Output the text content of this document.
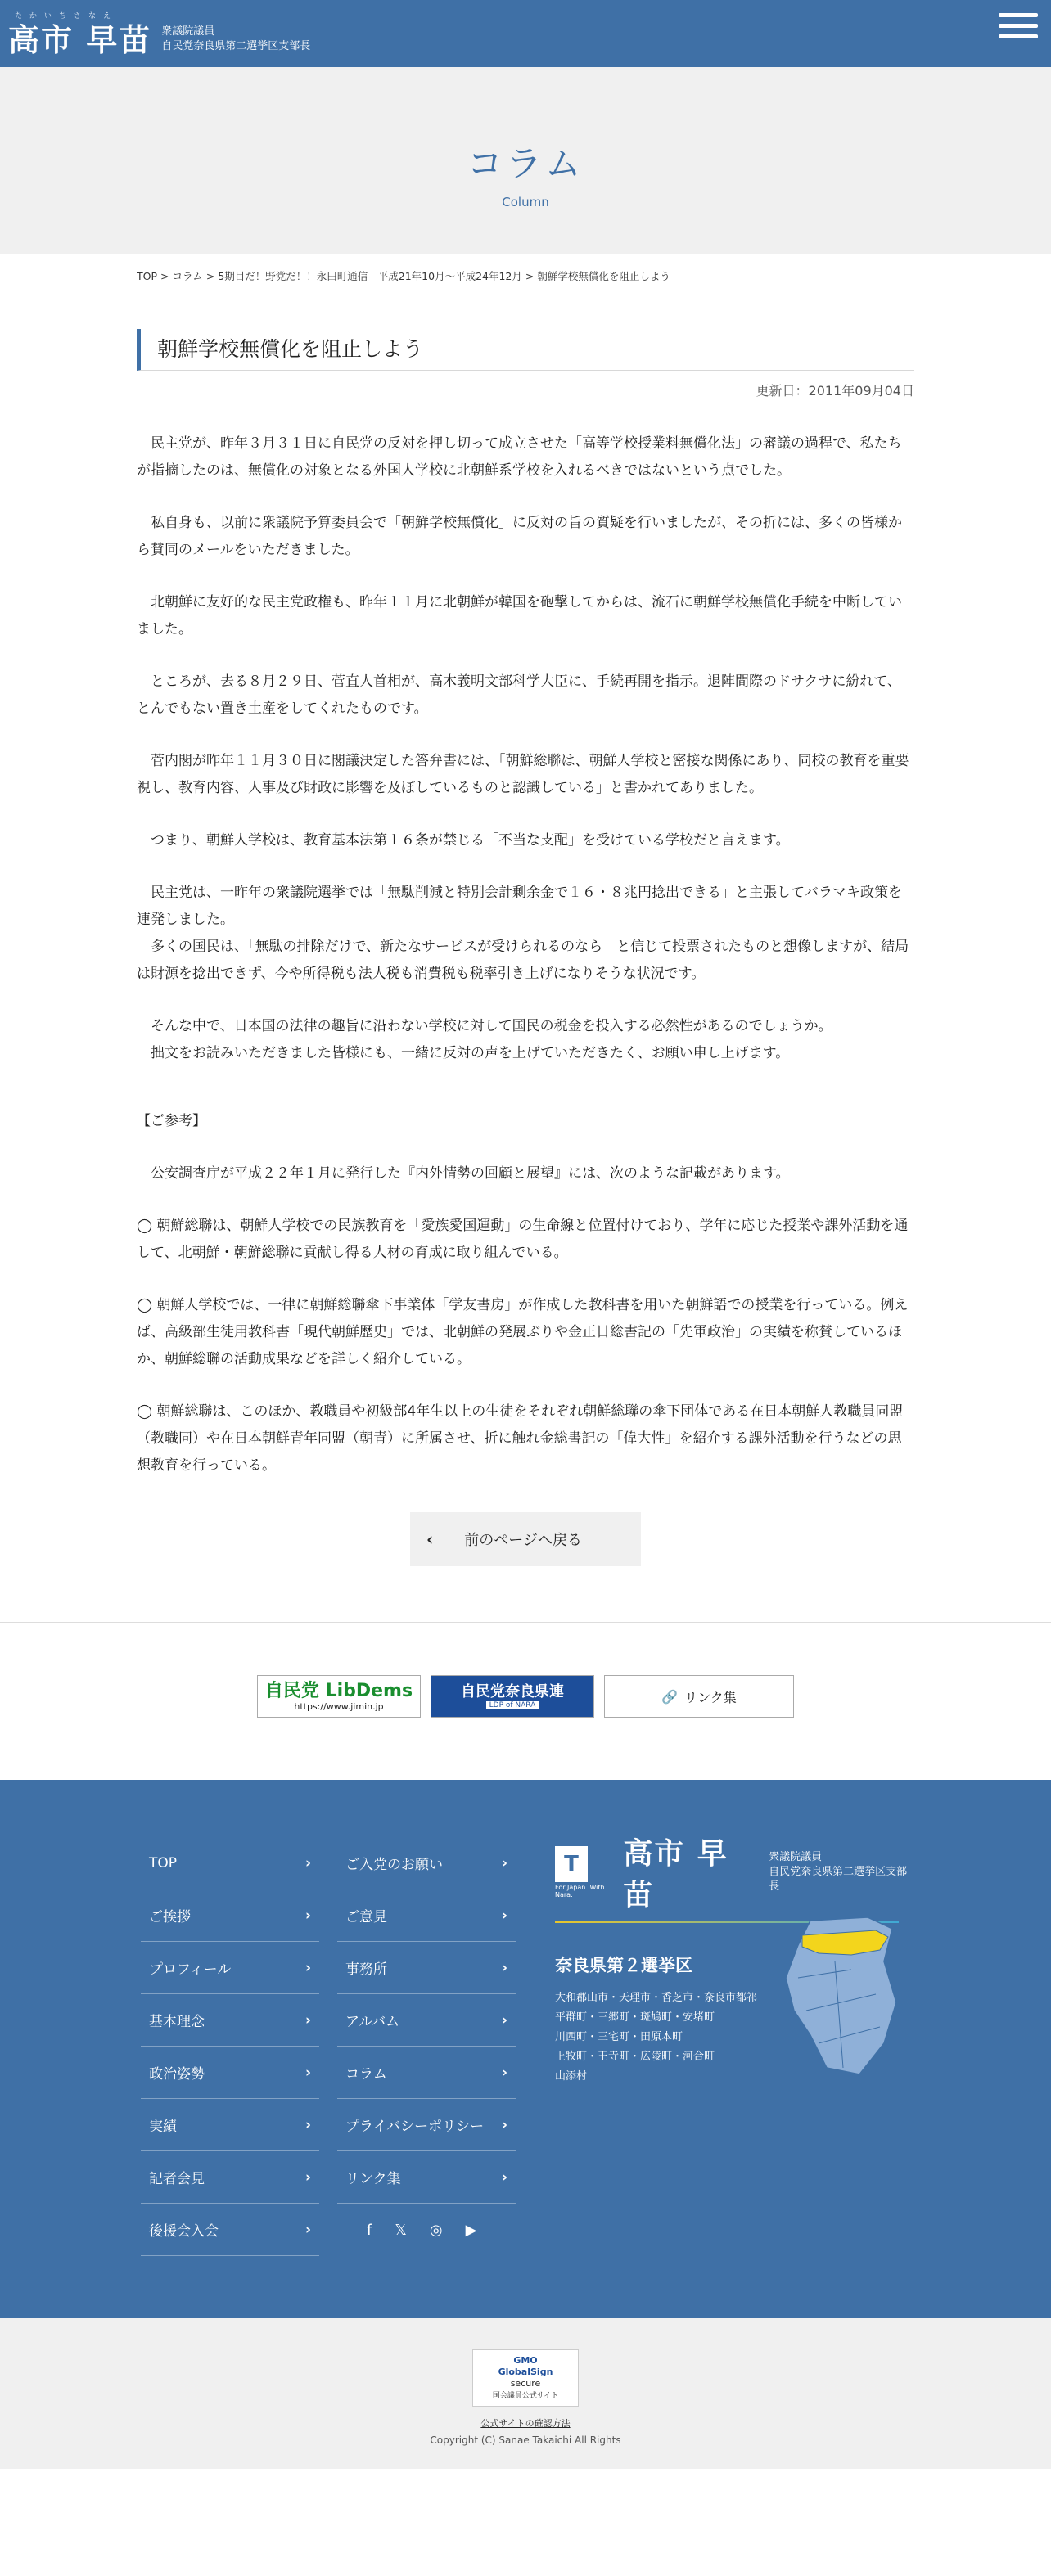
たかいちさなえ
高市 早苗 衆議院議員
自民党奈良県第二選挙区支部長
コラム
Column
TOP > コラム > 5期目だ！野党だ！！永田町通信　平成21年10月〜平成24年12月 > 朝鮮学校無償化を阻止しよう
朝鮮学校無償化を阻止しよう
更新日：2011年09月04日

　民主党が、昨年３月３１日に自民党の反対を押し切って成立させた「高等学校授業料無償化法」の審議の過程で、私たちが指摘したのは、無償化の対象となる外国人学校に北朝鮮系学校を入れるべきではないという点でした。

　私自身も、以前に衆議院予算委員会で「朝鮮学校無償化」に反対の旨の質疑を行いましたが、その折には、多くの皆様から賛同のメールをいただきました。

　北朝鮮に友好的な民主党政権も、昨年１１月に北朝鮮が韓国を砲撃してからは、流石に朝鮮学校無償化手続を中断していました。

　ところが、去る８月２９日、菅直人首相が、高木義明文部科学大臣に、手続再開を指示。退陣間際のドサクサに紛れて、とんでもない置き土産をしてくれたものです。

　菅内閣が昨年１１月３０日に閣議決定した答弁書には、「朝鮮総聯は、朝鮮人学校と密接な関係にあり、同校の教育を重要視し、教育内容、人事及び財政に影響を及ぼしているものと認識している」と書かれてありました。

　つまり、朝鮮人学校は、教育基本法第１６条が禁じる「不当な支配」を受けている学校だと言えます。

　民主党は、一昨年の衆議院選挙では「無駄削減と特別会計剰余金で１６・８兆円捻出できる」と主張してバラマキ政策を連発しました。

　多くの国民は、「無駄の排除だけで、新たなサービスが受けられるのなら」と信じて投票されたものと想像しますが、結局は財源を捻出できず、今や所得税も法人税も消費税も税率引き上げになりそうな状況です。

　そんな中で、日本国の法律の趣旨に沿わない学校に対して国民の税金を投入する必然性があるのでしょうか。

　拙文をお読みいただきました皆様にも、一緒に反対の声を上げていただきたく、お願い申し上げます。

【ご参考】

　公安調査庁が平成２２年１月に発行した『内外情勢の回顧と展望』には、次のような記載があります。

◯ 朝鮮総聯は、朝鮮人学校での民族教育を「愛族愛国運動」の生命線と位置付けており、学年に応じた授業や課外活動を通して、北朝鮮・朝鮮総聯に貢献し得る人材の育成に取り組んでいる。

◯ 朝鮮人学校では、一律に朝鮮総聯傘下事業体「学友書房」が作成した教科書を用いた朝鮮語での授業を行っている。例えば、高級部生徒用教科書「現代朝鮮歴史」では、北朝鮮の発展ぶりや金正日総書記の「先軍政治」の実績を称賛しているほか、朝鮮総聯の活動成果などを詳しく紹介している。

◯ 朝鮮総聯は、このほか、教職員や初級部4年生以上の生徒をそれぞれ朝鮮総聯の傘下団体である在日本朝鮮人教職員同盟（教職同）や在日本朝鮮青年同盟（朝青）に所属させ、折に触れ金総書記の「偉大性」を紹介する課外活動を行うなどの思想教育を行っている。

‹ 前のページへ戻る
自民党 LibDems
https://www.jimin.jp
自民党奈良県連
LDP of NARA
🔗 リンク集
TOP	›
ご挨拶	›
プロフィール	›
基本理念	›
政治姿勢	›
実績	›
記者会見	›
後援会入会	›
ご入党のお願い	›
ご意見	›
事務所	›
アルバム	›
コラム	›
プライバシーポリシー ›
リンク集	›
f 𝕏 ◎ ▶
T
For Japan. With Nara.
高市 早苗
衆議院議員
自民党奈良県第二選挙区支部長
奈良県第２選挙区
大和郡山市・天理市・香芝市・奈良市都祁
平群町・三郷町・斑鳩町・安堵町
川西町・三宅町・田原本町
上牧町・王寺町・広陵町・河合町
山添村
GMO
GlobalSign
secure
国会議員公式サイト
公式サイトの確認方法
Copyright (C) Sanae Takaichi All Rights
